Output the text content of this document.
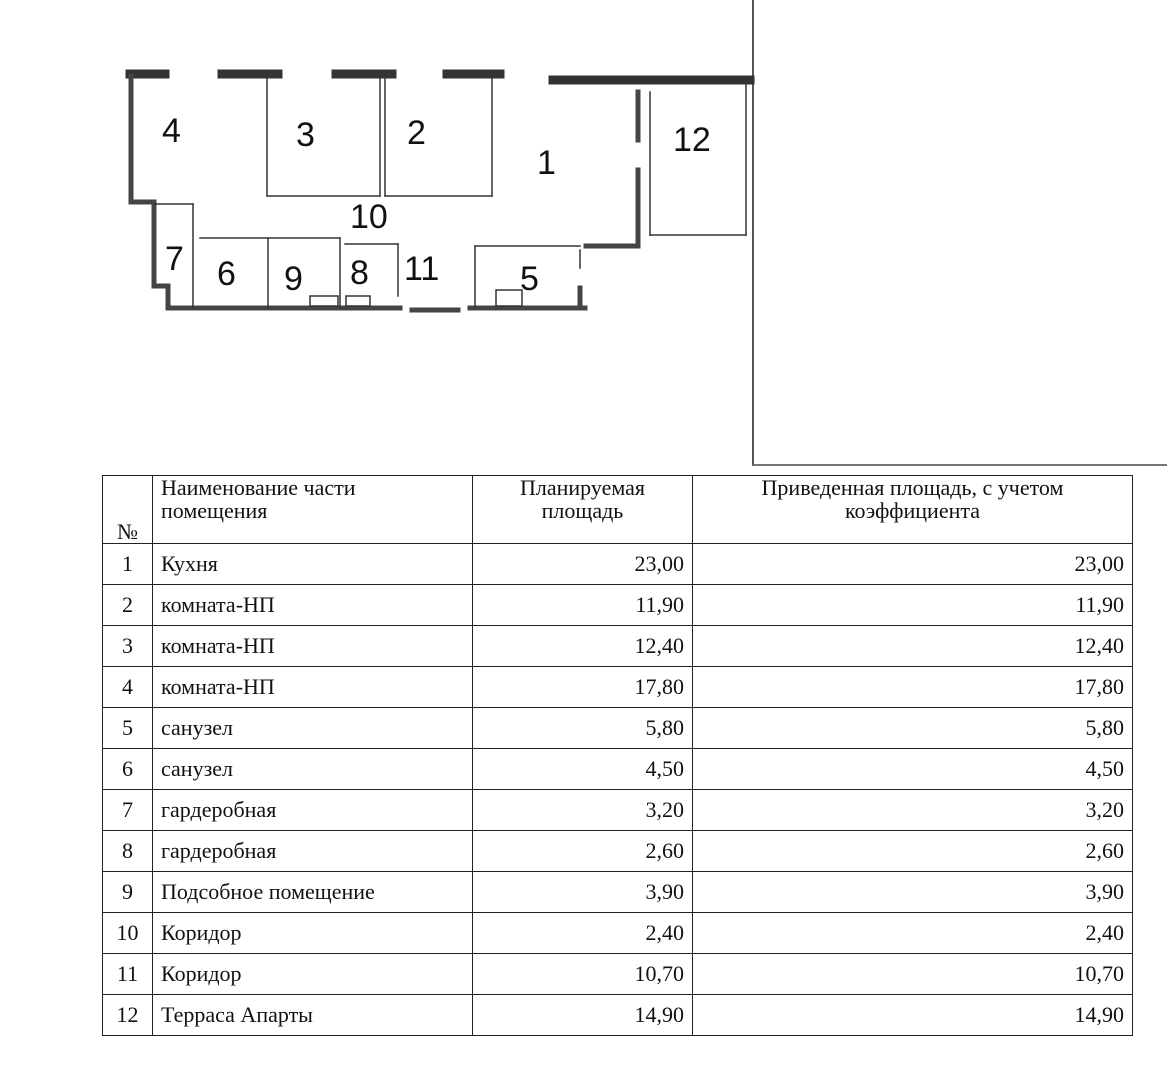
4	3	2
1
12
10
7 6 9 8 11 5
№	Наименование части помещения	Планируемая площадь	Приведенная площадь, с учетом коэффициента
1	Кухня	23,00	23,00
2	комната-НП	11,90	11,90
3	комната-НП	12,40	12,40
4	комната-НП	17,80	17,80
5	санузел	5,80	5,80
6	санузел	4,50	4,50
7	гардеробная	3,20	3,20
8	гардеробная	2,60	2,60
9	Подсобное помещение	3,90	3,90
10	Коридор	2,40	2,40
11	Коридор	10,70	10,70
12	Терраса Апарты	14,90	14,90
